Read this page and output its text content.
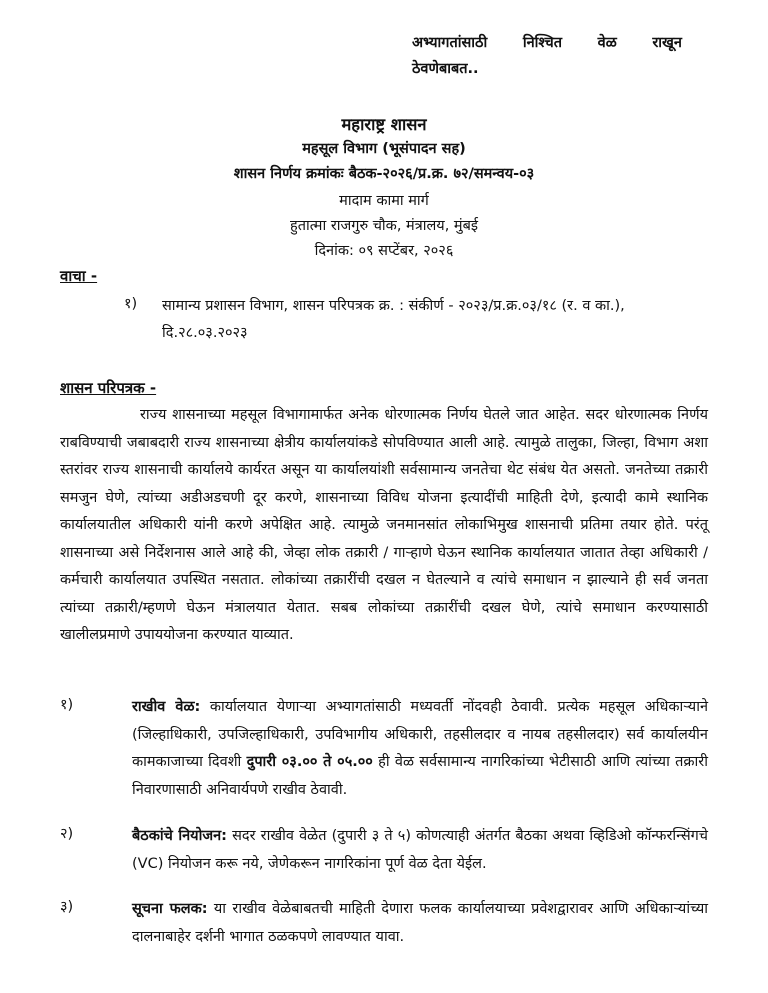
अभ्यागतांसाठी निश्चित वेळ राखून
ठेवणेबाबत..
महाराष्ट्र शासन
महसूल विभाग (भूसंपादन सह)
शासन निर्णय क्रमांकः बैठक-२०२६/प्र.क्र. ७२/समन्वय-०३
मादाम कामा मार्ग
हुतात्मा राजगुरु चौक, मंत्रालय, मुंबई
दिनांक: ०९ सप्टेंबर, २०२६
वाचा -
१) सामान्य प्रशासन विभाग, शासन परिपत्रक क्र. : संकीर्ण - २०२३/प्र.क्र.०३/१८ (र. व का.), दि.२८.०३.२०२३
शासन परिपत्रक -
राज्य शासनाच्या महसूल विभागामार्फत अनेक धोरणात्मक निर्णय घेतले जात आहेत. सदर धोरणात्मक निर्णय राबविण्याची जबाबदारी राज्य शासनाच्या क्षेत्रीय कार्यालयांकडे सोपविण्यात आली आहे. त्यामुळे तालुका, जिल्हा, विभाग अशा स्तरांवर राज्य शासनाची कार्यालये कार्यरत असून या कार्यालयांशी सर्वसामान्य जनतेचा थेट संबंध येत असतो. जनतेच्या तक्रारी समजुन घेणे, त्यांच्या अडीअडचणी दूर करणे, शासनाच्या विविध योजना इत्यादींची माहिती देणे, इत्यादी कामे स्थानिक कार्यालयातील अधिकारी यांनी करणे अपेक्षित आहे. त्यामुळे जनमानसांत लोकाभिमुख शासनाची प्रतिमा तयार होते. परंतू शासनाच्या असे निर्देशनास आले आहे की, जेव्हा लोक तक्रारी / गाऱ्हाणे घेऊन स्थानिक कार्यालयात जातात तेव्हा अधिकारी / कर्मचारी कार्यालयात उपस्थित नसतात. लोकांच्या तक्रारींची दखल न घेतल्याने व त्यांचे समाधान न झाल्याने ही सर्व जनता त्यांच्या तक्रारी/म्हणणे घेऊन मंत्रालयात येतात. सबब लोकांच्या तक्रारींची दखल घेणे, त्यांचे समाधान करण्यासाठी खालीलप्रमाणे उपाययोजना करण्यात याव्यात.
१)	राखीव वेळ: कार्यालयात येणाऱ्या अभ्यागतांसाठी मध्यवर्ती नोंदवही ठेवावी. प्रत्येक महसूल अधिकाऱ्याने (जिल्हाधिकारी, उपजिल्हाधिकारी, उपविभागीय अधिकारी, तहसीलदार व नायब तहसीलदार) सर्व कार्यालयीन कामकाजाच्या दिवशी दुपारी ०३.०० ते ०५.०० ही वेळ सर्वसामान्य नागरिकांच्या भेटीसाठी आणि त्यांच्या तक्रारी निवारणासाठी अनिवार्यपणे राखीव ठेवावी.
२)	बैठकांचे नियोजन: सदर राखीव वेळेत (दुपारी ३ ते ५) कोणत्याही अंतर्गत बैठका अथवा व्हिडिओ कॉन्फरन्सिंगचे (VC) नियोजन करू नये, जेणेकरून नागरिकांना पूर्ण वेळ देता येईल.
३)	सूचना फलक: या राखीव वेळेबाबतची माहिती देणारा फलक कार्यालयाच्या प्रवेशद्वारावर आणि अधिकाऱ्यांच्या दालनाबाहेर दर्शनी भागात ठळकपणे लावण्यात यावा.
